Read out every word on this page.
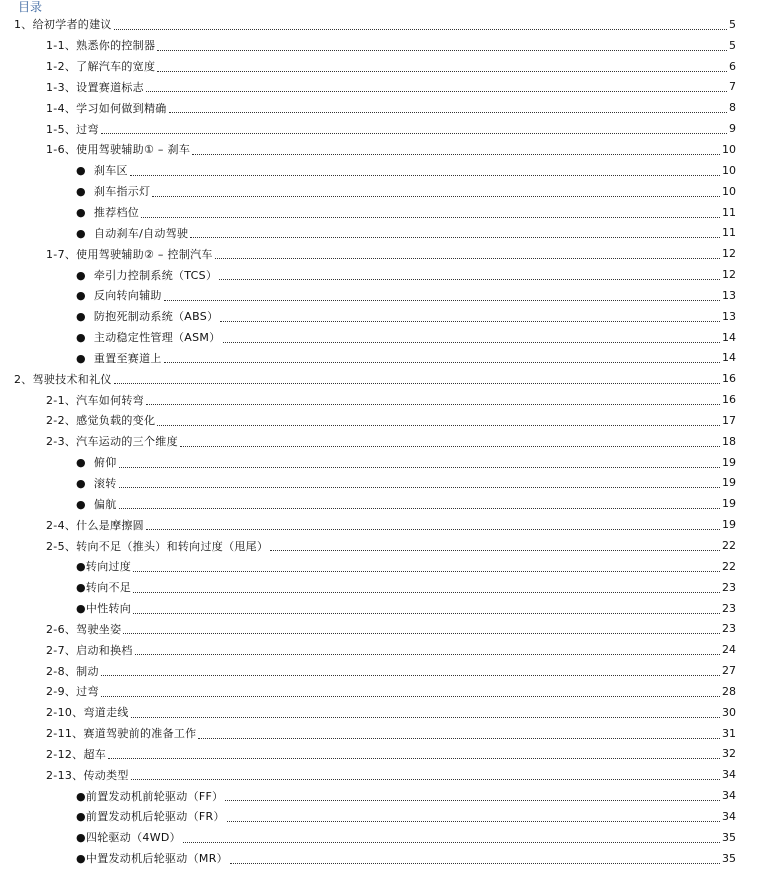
目录
1、给初学者的建议	5
1-1、熟悉你的控制器	5
1-2、了解汽车的宽度	6
1-3、设置赛道标志	7
1-4、学习如何做到精确	8
1-5、过弯	9
1-6、使用驾驶辅助① – 刹车	10
● 刹车区	10
● 刹车指示灯	10
● 推荐档位	11
● 自动刹车/自动驾驶	11
1-7、使用驾驶辅助② – 控制汽车	12
● 牵引力控制系统（TCS）	12
● 反向转向辅助	13
● 防抱死制动系统（ABS）	13
● 主动稳定性管理（ASM）	14
● 重置至赛道上	14
2、驾驶技术和礼仪	16
2-1、汽车如何转弯	16
2-2、感觉负载的变化	17
2-3、汽车运动的三个维度	18
● 俯仰	19
● 滚转	19
● 偏航	19
2-4、什么是摩擦圆	19
2-5、转向不足（推头）和转向过度（甩尾）	22
●转向过度	22
●转向不足	23
●中性转向	23
2-6、驾驶坐姿	23
2-7、启动和换档	24
2-8、制动	27
2-9、过弯	28
2-10、弯道走线	30
2-11、赛道驾驶前的准备工作	31
2-12、超车	32
2-13、传动类型	34
●前置发动机前轮驱动（FF）	34
●前置发动机后轮驱动（FR）	34
●四轮驱动（4WD）	35
●中置发动机后轮驱动（MR）	35
